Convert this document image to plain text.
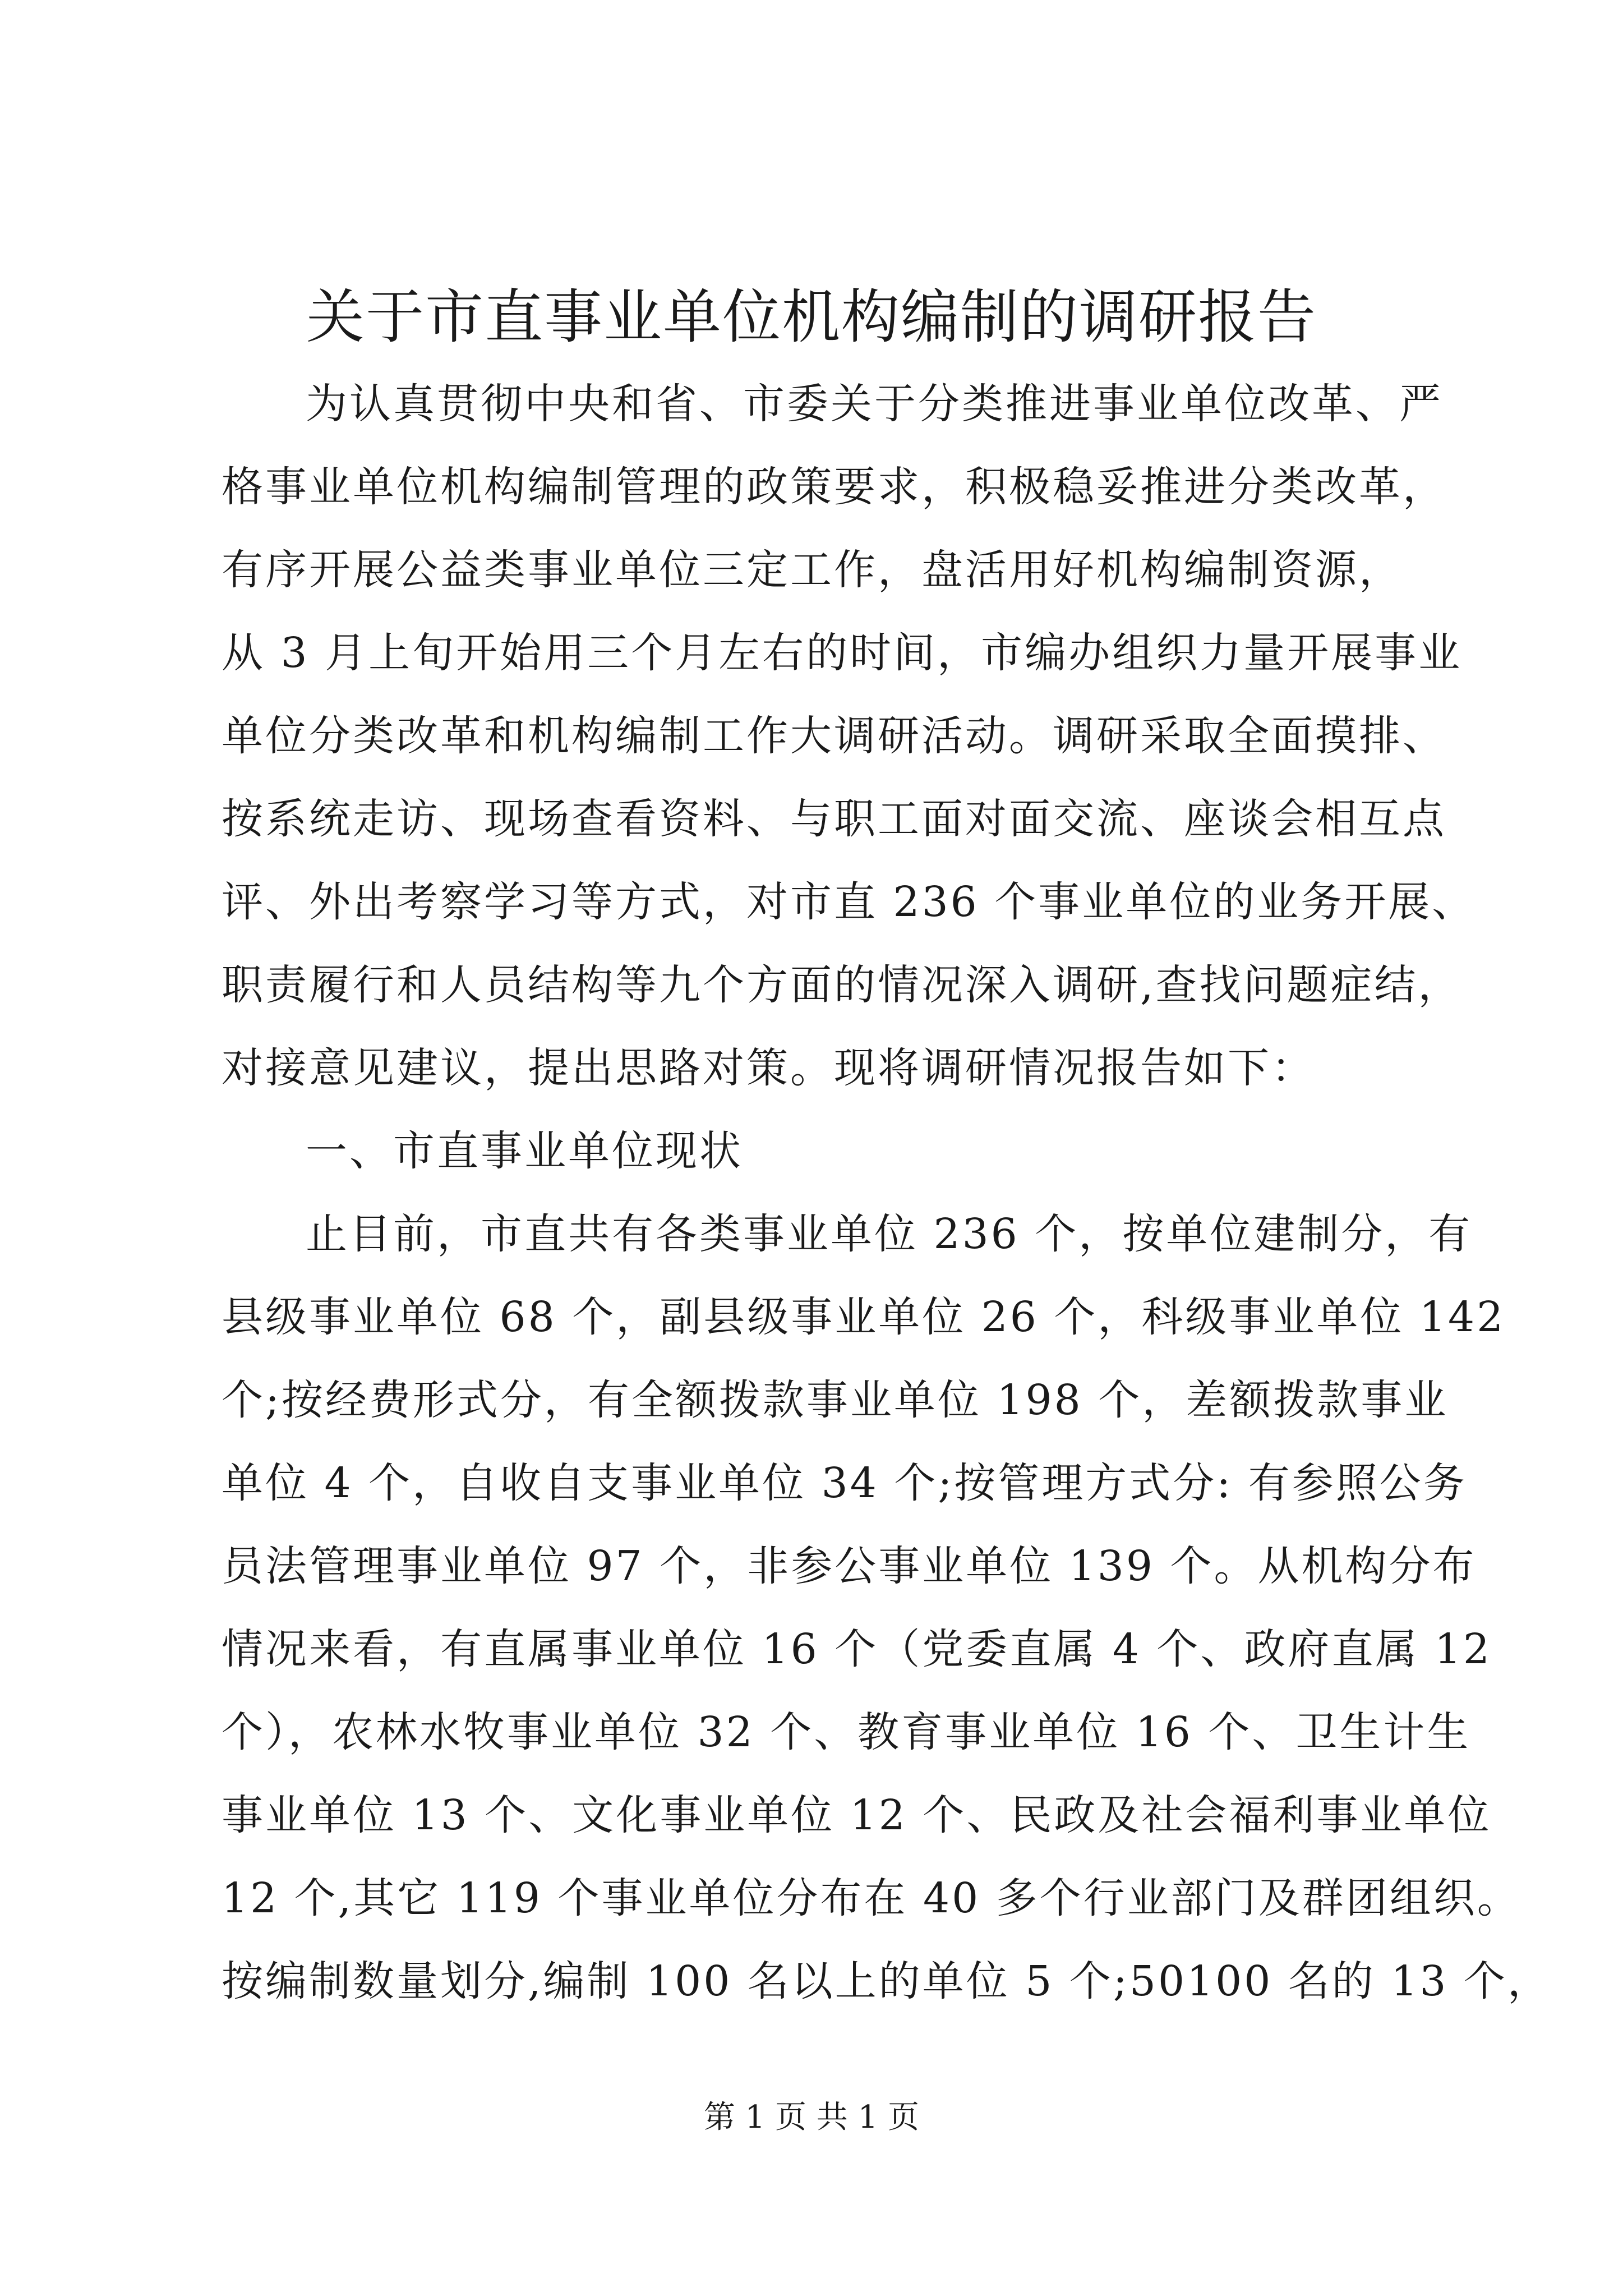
关于市直事业单位机构编制的调研报告

为认真贯彻中央和省、市委关于分类推进事业单位改革、严

格事业单位机构编制管理的政策要求，积极稳妥推进分类改革，

有序开展公益类事业单位三定工作，盘活用好机构编制资源，

从 3 月上旬开始用三个月左右的时间，市编办组织力量开展事业

单位分类改革和机构编制工作大调研活动。调研采取全面摸排、

按系统走访、现场查看资料、与职工面对面交流、座谈会相互点

评、外出考察学习等方式，对市直 236 个事业单位的业务开展、

职责履行和人员结构等九个方面的情况深入调研,查找问题症结，

对接意见建议，提出思路对策。现将调研情况报告如下：

一、市直事业单位现状

止目前，市直共有各类事业单位 236 个，按单位建制分，有

县级事业单位 68 个，副县级事业单位 26 个，科级事业单位 142

个;按经费形式分，有全额拨款事业单位 198 个，差额拨款事业

单位 4 个，自收自支事业单位 34 个;按管理方式分: 有参照公务

员法管理事业单位 97 个，非参公事业单位 139 个。从机构分布

情况来看，有直属事业单位 16 个（党委直属 4 个、政府直属 12

个），农林水牧事业单位 32 个、教育事业单位 16 个、卫生计生

事业单位 13 个、文化事业单位 12 个、民政及社会福利事业单位

12 个,其它 119 个事业单位分布在 40 多个行业部门及群团组织。

按编制数量划分,编制 100 名以上的单位 5 个;50100 名的 13 个，

第 1 页 共 1 页
